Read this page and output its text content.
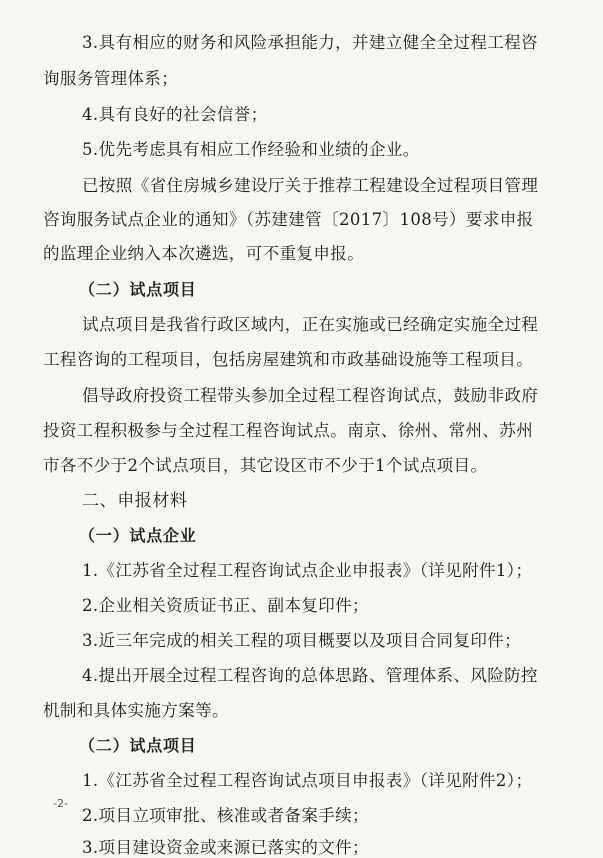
3.具有相应的财务和风险承担能力，并建立健全全过程工程咨
询服务管理体系；
4.具有良好的社会信誉；
5.优先考虑具有相应工作经验和业绩的企业。
已按照《省住房城乡建设厅关于推荐工程建设全过程项目管理
咨询服务试点企业的通知》（苏建建管〔2017〕108号）要求申报
的监理企业纳入本次遴选，可不重复申报。
（二）试点项目
试点项目是我省行政区域内，正在实施或已经确定实施全过程
工程咨询的工程项目，包括房屋建筑和市政基础设施等工程项目。
倡导政府投资工程带头参加全过程工程咨询试点，鼓励非政府
投资工程积极参与全过程工程咨询试点。南京、徐州、常州、苏州
市各不少于2个试点项目，其它设区市不少于1个试点项目。
二、申报材料
（一）试点企业
1.《江苏省全过程工程咨询试点企业申报表》（详见附件1）；
2.企业相关资质证书正、副本复印件；
3.近三年完成的相关工程的项目概要以及项目合同复印件；
4.提出开展全过程工程咨询的总体思路、管理体系、风险防控
机制和具体实施方案等。
（二）试点项目
1.《江苏省全过程工程咨询试点项目申报表》（详见附件2）；
2.项目立项审批、核准或者备案手续；
3.项目建设资金或来源已落实的文件；
-2-
